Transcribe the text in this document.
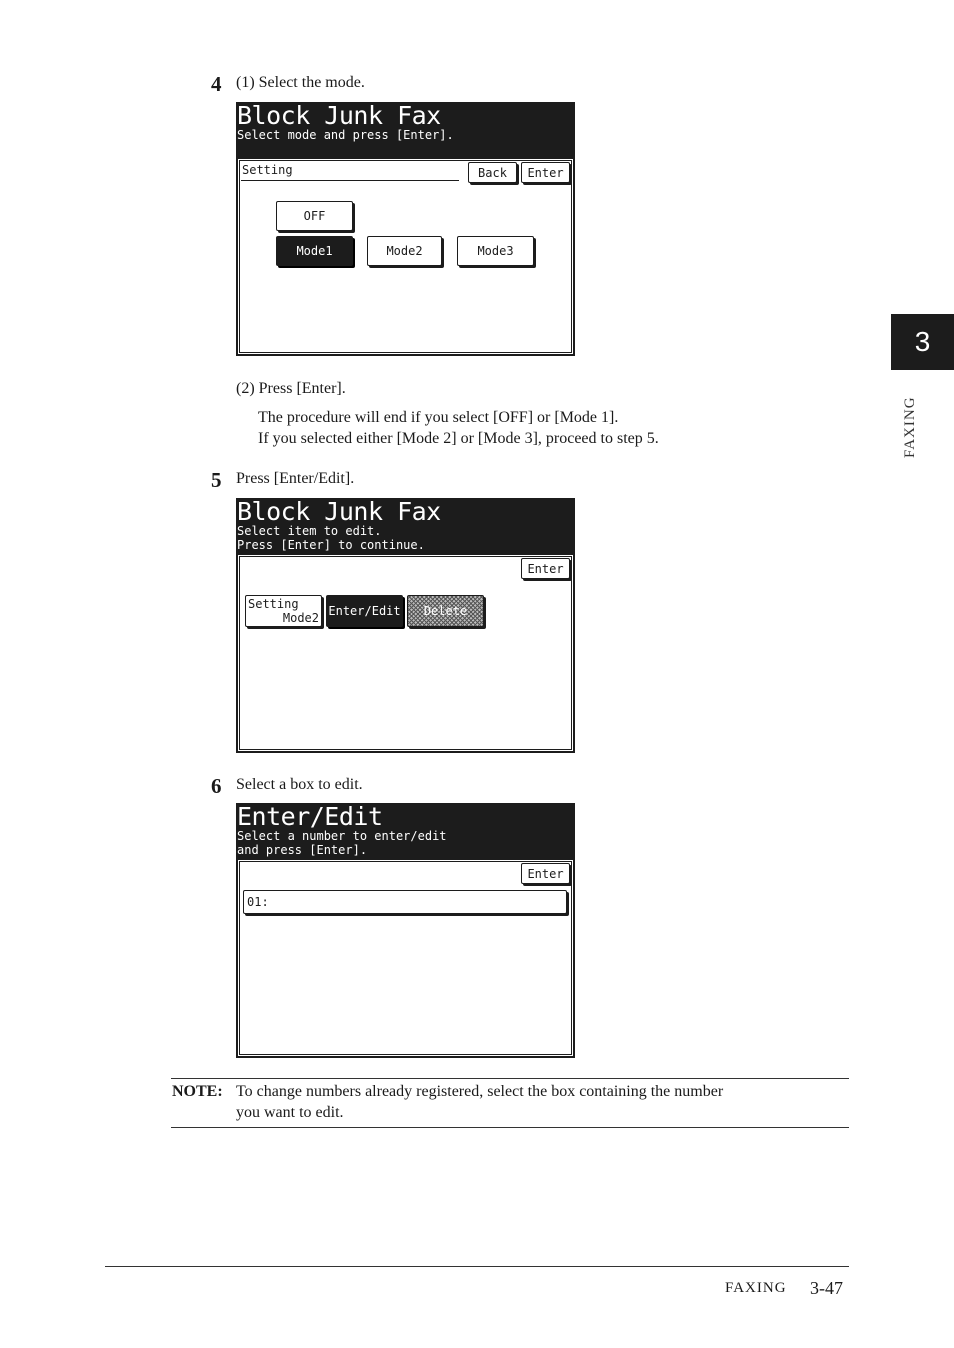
3
FAXING
4 (1) Select the mode.
Block Junk Fax
Select mode and press [Enter].
Setting	Back	Enter
OFF
Mode1	Mode2	Mode3
(2) Press [Enter].
The procedure will end if you select [OFF] or [Mode 1].
If you selected either [Mode 2] or [Mode 3], proceed to step 5.
5 Press [Enter/Edit].
Block Junk Fax
Select item to edit.
Press [Enter] to continue.
Enter
Setting
Mode2 Enter/Edit	Delete
6 Select a box to edit.
Enter/Edit
Select a number to enter/edit
and press [Enter].
Enter
01:
NOTE: To change numbers already registered, select the box containing the number
you want to edit.
FAXING 3-47
